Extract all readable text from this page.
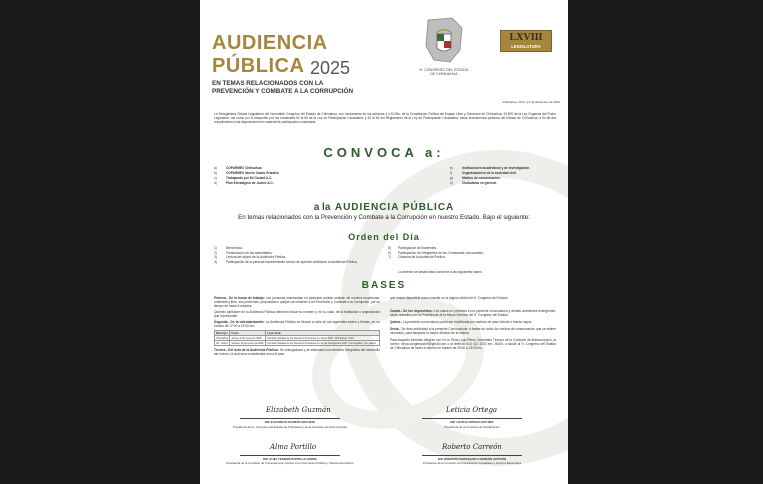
AUDIENCIA
PÚBLICA 2025
EN TEMAS RELACIONADOS CON LA
PREVENCIÓN Y COMBATE A LA CORRUPCIÓN
H. CONGRESO DEL ESTADO
DE CHIHUAHUA
LXVIII
LEGISLATURA
Chihuahua, Chih. a 9 de diciembre de 2024
La Sexagésima Octava Legislatura del Honorable Congreso del Estado de Chihuahua, con fundamento en los artículos 4 y 40 Bis, de la Constitución Política del Estado Libre y Soberano de Chihuahua; 15 BIS de la Ley Orgánica del Poder Legislativo; así como por lo dispuesto por los numerales 62 al 66 de la Ley de Participación Ciudadana, y 42 al 45 del Reglamento de la Ley de Participación Ciudadana, todos instrumentos jurídicos del Estado de Chihuahua, a fin de dar cumplimiento a las disposiciones en materia de participación ciudadana:
CONVOCA a:
a)	COPARMEX Chihuahua
b)	COPARMEX Nuevo Casas Grandes
c)	Trabajando por Mi Ciudad A.C.
d)	Plan Estratégico de Juárez A.C.
e)	Instituciones académicas y de investigación.
f)	Organizaciones de la sociedad civil.
g)	Medios de comunicación.
h)	Ciudadanía en general.
a la AUDIENCIA PÚBLICA
En temas relacionados con la Prevención y Combate a la Corrupción en nuestro Estado. Bajo el siguiente:
Orden del Día
1)	Bienvenida.
2)	Presentación de las autoridades.
3)	Lectura del objeto de la Audiencia Pública.
4)	Participación de la persona representante común de quienes solicitaron la Audiencia Pública.
5) Participación de Asistentes.
6) Participación de integrantes de las Comisiones convocantes.
7) Clausura de la Audiencia Pública.
Lo anterior se desarrollará conforme a las siguientes bases:
BASES

Primera.- De la forma de trabajo: Las personas interesadas en participar podrán realizar, de manera respetuosa, ordenada y libre, sus peticiones, propuestas o quejas con relación a la Prevención y Combate a la Corrupción, por un tiempo de hasta 5 minutos.

Quienes participen en la Audiencia Pública deberán indicar su nombre y, en su caso, de la institución u organización que representan.

Segunda.- De la calendarización: La Audiencia Pública se llevará a cabo en las siguientes sedes y fechas, en un horario de 17:00 a 19:00 hrs.

Municipio	Fecha	Lugar Sede
Chihuahua	Jueves 9 de enero de 2025	Comisión Estatal de los Derechos Humanos Av. Zarco 2427, Chihuahua, Chih.
Cd. Juárez	Viernes 10 de enero de 2025	Comisión Estatal de los Derechos Humanos Av. de los Insurgentes 4327, Los Nogales, Cd. Juárez

Tercera.- Del Acta de la Audiencia Pública: Se videograbará y se elaborará una memoria fotográfica del desarrollo del evento, la cual será considerada como el acta

que estará disponible para consulta en la página oficial del H. Congreso del Estado.

Cuarta.- De los imprevistos: Los casos no previstos en la presente convocatoria y demás cuestiones emergentes, serán resueltos por la Presidencia de la Mesa Directiva del H. Congreso del Estado.

Quinta.- La presente convocatoria podrá ser modificada por motivos de caso fortuito o fuerza mayor.

Sexta.- Se dará publicidad a la presente Convocatoria, a través de todos los medios de comunicación que se estime necesario, para asegurar la mayor difusión de la misma.

Para mayores informes dirigirse con el Lic. Elías Lugo Pérez, Secretario Técnico de la Comisión de Anticorrupción, al correo: elnya.congresochih@gmail.com o al teléfono 614 412 3200 ext. 25105, o acudir al H. Congreso del Estado de Chihuahua de lunes a viernes en horario de 09:00 a 15:00 hrs.

Elizabeth Guzmán
DIP. ELIZABETH GUZMÁN ARGUETA
Presidenta del H. Congreso del Estado de Chihuahua y de la Comisión de Anticorrupción
Leticia Ortega
DIP. LETICIA ORTEGA MÁYNEZ
Presidenta de la Comisión de Fiscalización
Alma Portillo
DIP. ALMA YESENIA PORTILLO LERMA
Presidenta de la Comisión de Transparencia, Acceso a la Información Pública y Parlamento Abierto
Roberto Carreón
DIP. ROBERTO MARCELINO CARREÓN HUITRÓN
Presidente de la Comisión de Participación Ciudadana y Asuntos Electorales
